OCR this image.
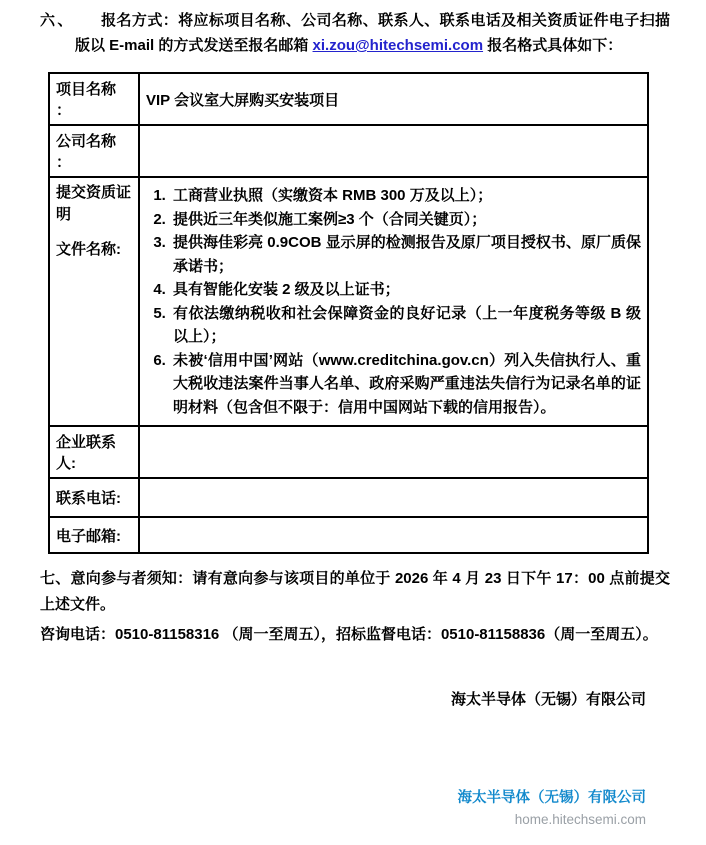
六、 报名方式：将应标项目名称、公司名称、联系人、联系电话及相关资质证件电子扫描版以 E-mail 的方式发送至报名邮箱 xi.zou@hitechsemi.com 报名格式具体如下：

项目名称 ：	VIP 会议室大屏购买安装项目
公司名称 ：	

提交资质证明
文件名称:

1. 工商营业执照（实缴资本 RMB 300 万及以上）；
2. 提供近三年类似施工案例≥3 个（合同关键页）；
3. 提供海佳彩亮 0.9COB 显示屏的检测报告及原厂项目授权书、原厂质保承诺书；
4. 具有智能化安装 2 级及以上证书；
5. 有依法缴纳税收和社会保障资金的良好记录（上一年度税务等级 B 级以上）；
6. 未被‘信用中国’网站（www.creditchina.gov.cn）列入失信执行人、重大税收违法案件当事人名单、政府采购严重违法失信行为记录名单的证明材料（包含但不限于：信用中国网站下载的信用报告）。

企业联系人:	
联系电话:	
电子邮箱:	

七、意向参与者须知：请有意向参与该项目的单位于 2026 年 4 月 23 日下午 17：00 点前提交上述文件。

咨询电话：0510-81158316 （周一至周五），招标监督电话：0510-81158836（周一至周五）。

海太半导体（无锡）有限公司
海太半导体（无锡）有限公司
home.hitechsemi.com
